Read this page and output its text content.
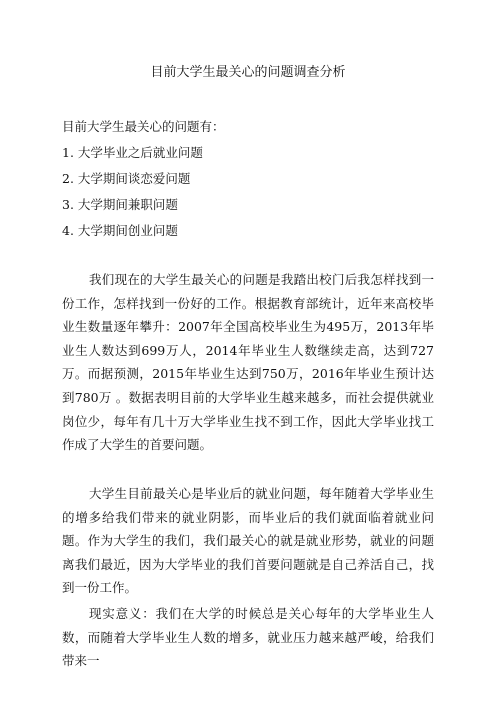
目前大学生最关心的问题调查分析
目前大学生最关心的问题有：
1. 大学毕业之后就业问题
2. 大学期间谈恋爱问题
3. 大学期间兼职问题
4. 大学期间创业问题

我们现在的大学生最关心的问题是我踏出校门后我怎样找到一份工作，怎样找到一份好的工作。根据教育部统计，近年来高校毕业生数量逐年攀升：2007年全国高校毕业生为495万，2013年毕业生人数达到699万人，2014年毕业生人数继续走高，达到727万。而据预测，2015年毕业生达到750万，2016年毕业生预计达到780万 。数据表明目前的大学毕业生越来越多，而社会提供就业岗位少，每年有几十万大学毕业生找不到工作，因此大学毕业找工作成了大学生的首要问题。

大学生目前最关心是毕业后的就业问题，每年随着大学毕业生的增多给我们带来的就业阴影，而毕业后的我们就面临着就业问题。作为大学生的我们，我们最关心的就是就业形势，就业的问题离我们最近，因为大学毕业的我们首要问题就是自己养活自己，找到一份工作。

现实意义：我们在大学的时候总是关心每年的大学毕业生人数，而随着大学毕业生人数的增多，就业压力越来越严峻，给我们带来一
